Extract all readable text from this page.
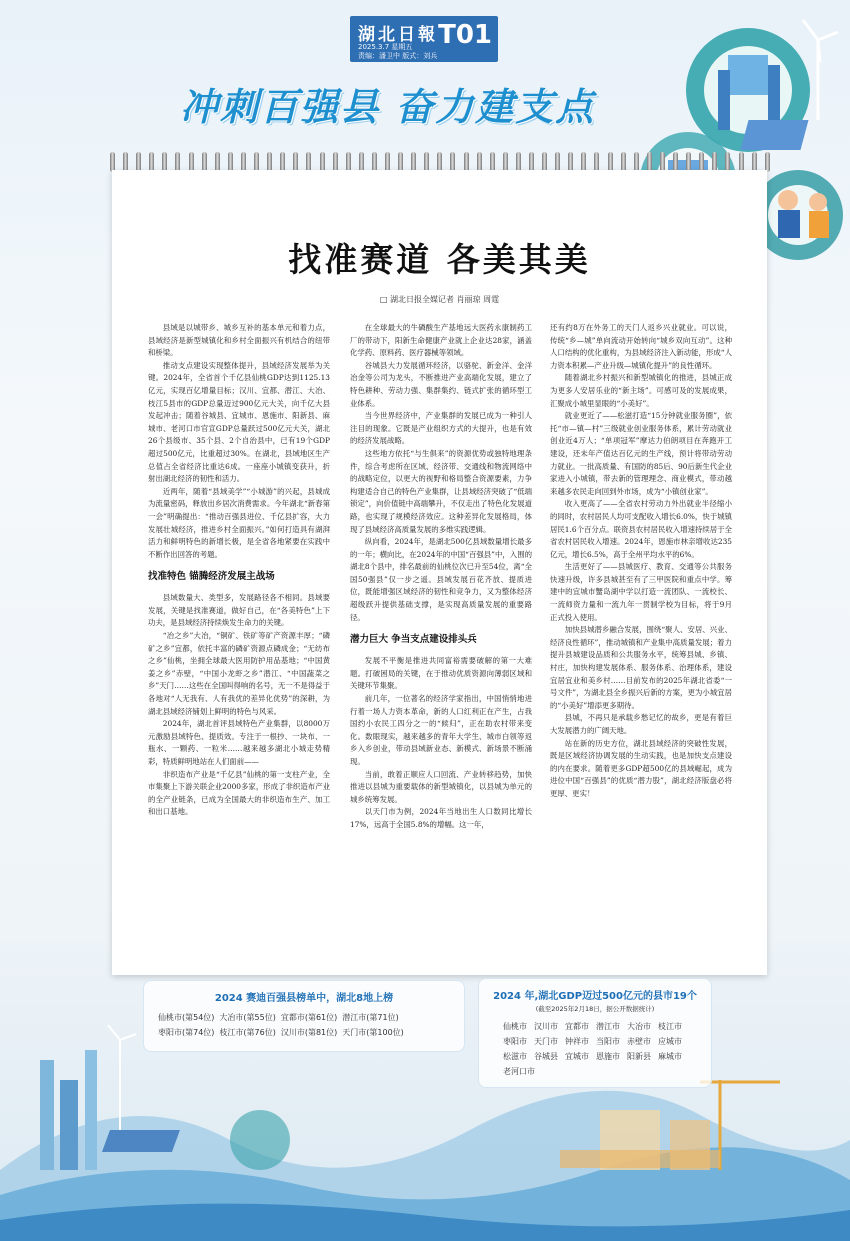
湖北日報 T01
2025.3.7 星期五
责编：潘卫中 版式：刘兵
冲刺百强县 奋力建支点
找准赛道 各美其美
□ 湖北日报全媒记者 肖丽琼 周霆

县域是以城带乡、城乡互补的基本单元和着力点，县域经济是新型城镇化和乡村全面振兴有机结合的纽带和桥梁。

推动支点建设实现整体提升，县域经济发展举为关键。2024年，全省首个千亿县仙桃GDP达到1125.13亿元，实现百亿增量目标；汉川、宜都、潜江、大冶、枝江5县市的GDP总量迈过900亿元大关，向千亿大县发起冲击；随着谷城县、宜城市、恩施市、阳新县、麻城市、老河口市官宣GDP总量跃过500亿元大关，湖北26个县级市、35个县、2个自治县中，已有19个GDP超过500亿元，比重超过30%。在湖北，县域地区生产总值占全省经济比重达6成。一座座小城镇变获升，折射出湖北经济的韧性和活力。

近两年，随着“县域美学”“小城游”的兴起，县城成为流量密码，释放出乡居次消费需求。今年湖北“新春第一会”明确提出：“推动百强县进位、千亿县扩容，大力发展壮城经济，推进乡村全面振兴。”如何打造具有湖湃活力和鲜明特色的新增长极，是全省各地紧要在实践中不断作出回答的考题。

找准特色 锚腾经济发展主战场

县域数量大、类型多，发展路径各不相同。县域要发展，关键是找准赛道，做好自己，在“各美特色”上下功夫，是县域经济持续焕发生命力的关键。

“冶之乡”大冶，“铜矿、铁矿等矿产资源丰厚；“磷矿之乡”宜都，依托丰富的磷矿资源点磷成金；“无纺布之乡”仙桃，坐拥全球最大医用防护用品基地；“中国黄姜之乡”赤壁，“中国小龙虾之乡”潜江、“中国蔬菜之乡”天门……这些在全国叫得响的名号，无一不是得益于各地对“人无我有、人有我优的差异化优势”的深耕，为湖北县域经济铺划上鲜明的特色与风采。

2024年，湖北首评县域特色产业集群，以8000万元激励县域特色、提质效。专注于一根抄、一块布、一瓶水、一颗药、一粒米……越来越多湖北小城走势精彩，特质鲜明地站在人们面前——

非织造布产业是“千亿县”仙桃的第一支柱产业，全市集聚上下游关联企业2000多家，形成了非织造布产业的全产业链条，已成为全国最大的非织造布生产、加工和出口基地。

在全球最大的牛磷酸生产基地远大医药永康制药工厂的带动下，阳新生命健康产业就上企业达28家，涵盖化学药、原料药、医疗器械等领域。

谷城县大力发展循环经济，以骆驼、新金洋、金洋冶金等公司为龙头，不断推进产业高端化发展，建立了特色耕种、劳动力强、集群集约、链式扩张的循环型工业体系。

当今世界经济中，产业集群的发展已成为一种引人注目的现象。它既是产业组织方式的大提升，也是有效的经济发展战略。

这些地方依托“与生俱来”的资源优势或独特地理条件，综合考虑所在区域、经济带、交通线和物流网络中的战略定位，以更大的视野和格局整合资源要素，力争构建适合自己的特色产业集群，让县域经济突破了“低端锁定”，向价值链中高端攀升，不仅走出了特色化发展道路，也实现了规模经济效应。这种差异化发展格局，体现了县域经济高质量发展的多维实践逻辑。

纵向看，2024年，是湖北500亿县域数量增长最多的一年；横向比，在2024年的中国“百强县”中，入围的湖北8个县中，排名最前的仙桃位次已升至54位，离“全国50强县”仅一步之遥。县域发展百花齐放、提质进位，既能增强区域经济的韧性和竞争力，又为整体经济超级跃升提供基础支撑，是实现高质量发展的重要路径。

潜力巨大 争当支点建设排头兵

发展不平衡是推进共同富裕需要破解的第一大难题。打破困局的关键，在于推动优质资源向薄弱区域和关键环节集聚。

前几年，一位著名的经济学家指出，中国悄悄地进行着一场人力资本革命，新的人口红利正在产生，占我国约小农民工四分之一的“候归”，正在助农村带来变化。数眼现实，越来越多的青年大学生、城市白领等返乡入乡创业，带动县域新业态、新模式、新场景不断涌现。

当前，敢着正顺应人口回流、产业转移趋势，加快推进以县城为重要载体的新型城镇化，以县城为单元的城乡统筹发展。

以天门市为例，2024年当地出生人口数同比增长17%，远高于全国5.8%的增幅。这一年，

还有约8万在外务工的天门人返乡兴业就业。可以说，传统“乡—城”单向流动开始转向“城乡双向互动”。这种人口结构的优化重构，为县域经济注入新动能，形成“人力资本积累—产业升级—城镇化提升”的良性循环。

随着湖北乡村振兴和新型城镇化的推进，县城正成为更多人安居乐业的“新主场”。可感可及的发展成果，汇聚成小城里显眼的“小美好”。

就业更近了——松滋打造“15分钟就业服务圈”，依托“市—镇—村”三级就业创业服务体系，累计劳动就业创业近4万人；“单项冠军”摩达力伯朗项目在奔跑开工建设，还未年产值达百亿元的生产线，预计将带动劳动力就业。一批高质量、有国防的85后、90后新生代企业家进入小城镇，带去新的管理理念、商业模式，带动越来越多农民走向回到外市场，成为“小镇创业家”。

收入更高了——全省农村劳动力外出就业半径缩小的同时，农村居民人均可支配收入增长6.0%，快于城镇居民1.6个百分点。联资县农村居民收入增速持续居于全省农村居民收入增速。2024年，恩施市林亲增收达235亿元，增长6.5%，高于全州平均水平的6%。

生活更好了——县城医疗、教育、交通等公共服务快速升级，许多县城甚至有了三甲医院和重点中学。筹建中的宜城市蟹岛湖中学以打造一流团队、一流校长、一流师资力量和一流九年一贯制学校为目标，将于9月正式投入使用。

加快县城潜乡融合发展，围绕“聚人、安居、兴业、经济良性循环”，推动城镇和产业集中高质量发展；着力提升县城建设品质和公共服务水平，统筹县城、乡镇、村庄，加快构建发展体系、服务体系、治理体系，建设宜居宜业和美乡村……目前发布的2025年湖北省委“一号文件”，为湖北县全乡振兴后新的方案，更为小城宜居的“小美好”增添更多期待。

县城，不再只是承载乡愁记忆的故乡，更是有着巨大发展潜力的广阔天地。

站在新的历史方位，湖北县域经济的突破性发展，既是区域经济协调发展的生动实践，也是加快支点建设的内在要求。随着更多GDP超500亿的县域崛起，成为进位中国“百强县”的优质“潜力股”，湖北经济版盘必将更厚、更实！

2024 赛迪百强县榜单中，湖北8地上榜
仙桃市(第54位) 大冶市(第55位) 宜都市(第61位) 潜江市(第71位)
枣阳市(第74位) 枝江市(第76位) 汉川市(第81位) 天门市(第100位)
2024 年,湖北GDP迈过500亿元的县市19个
(截至2025年2月18日，据公开数据统计)
仙桃市 汉川市 宜都市 潜江市 大冶市 枝江市
枣阳市 天门市 钟祥市 当阳市 赤壁市 应城市
松滋市 谷城县 宜城市 恩施市 阳新县 麻城市
老河口市
